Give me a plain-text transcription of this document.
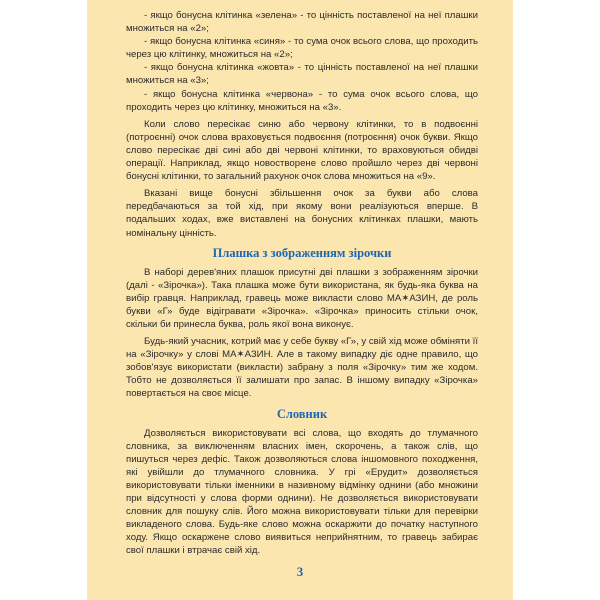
- якщо бонусна клітинка «зелена» - то цінність поставленої на неї плашки множиться на «2»;

- якщо бонусна клітинка «синя» - то сума очок всього слова, що проходить через цю клітинку, множиться на «2»;

- якщо бонусна клітинка «жовта» - то цінність поставленої на неї плашки множиться на «3»;

- якщо бонусна клітинка «червона» - то сума очок всього слова, що проходить через цю клітинку, множиться на «3».

Коли слово пересікає синю або червону клітинки, то в подвоєнні (потроєнні) очок слова враховується подвоєння (потроєння) очок букви. Якщо слово пересікає дві сині або дві червоні клітинки, то враховуються обидві операції. Наприклад, якщо новостворене слово пройшло через дві червоні бонусні клітинки, то загальний рахунок очок слова множиться на «9».

Вказані вище бонусні збільшення очок за букви або слова передбачаються за той хід, при якому вони реалізуються вперше. В подальших ходах, вже виставлені на бонусних клітинках плашки, мають номінальну цінність.

Плашка з зображенням зірочки

В наборі дерев'яних плашок присутні дві плашки з зображенням зірочки (далі - «Зірочка»). Така плашка може бути використана, як будь-яка буква на вибір гравця. Наприклад, гравець може викласти слово МА✶АЗИН, де роль букви «Г» буде відігравати «Зірочка». «Зірочка» приносить стільки очок, скільки би принесла буква, роль якої вона виконує.

Будь-який учасник, котрий має у себе букву «Г», у свій хід може обміняти її на «Зірочку» у слові МА✶АЗИН. Але в такому випадку діє одне правило, що зобов'язує використати (викласти) забрану з поля «Зірочку» тим же ходом. Тобто не дозволяється її залишати про запас. В іншому випадку «Зірочка» повертається на своє місце.

Словник

Дозволяється використовувати всі слова, що входять до тлумачного словника, за виключенням власних імен, скорочень, а також слів, що пишуться через дефіс. Також дозволяються слова іншомовного походження, які увійшли до тлумачного словника. У грі «Ерудит» дозволяється використовувати тільки іменники в називному відмінку однини (або множини при відсутності у слова форми однини). Не дозволяється використовувати словник для пошуку слів. Його можна використовувати тільки для перевірки викладеного слова. Будь-яке слово можна оскаржити до початку наступного ходу. Якщо оскаржене слово виявиться неприйнятним, то гравець забирає свої плашки і втрачає свій хід.

3
